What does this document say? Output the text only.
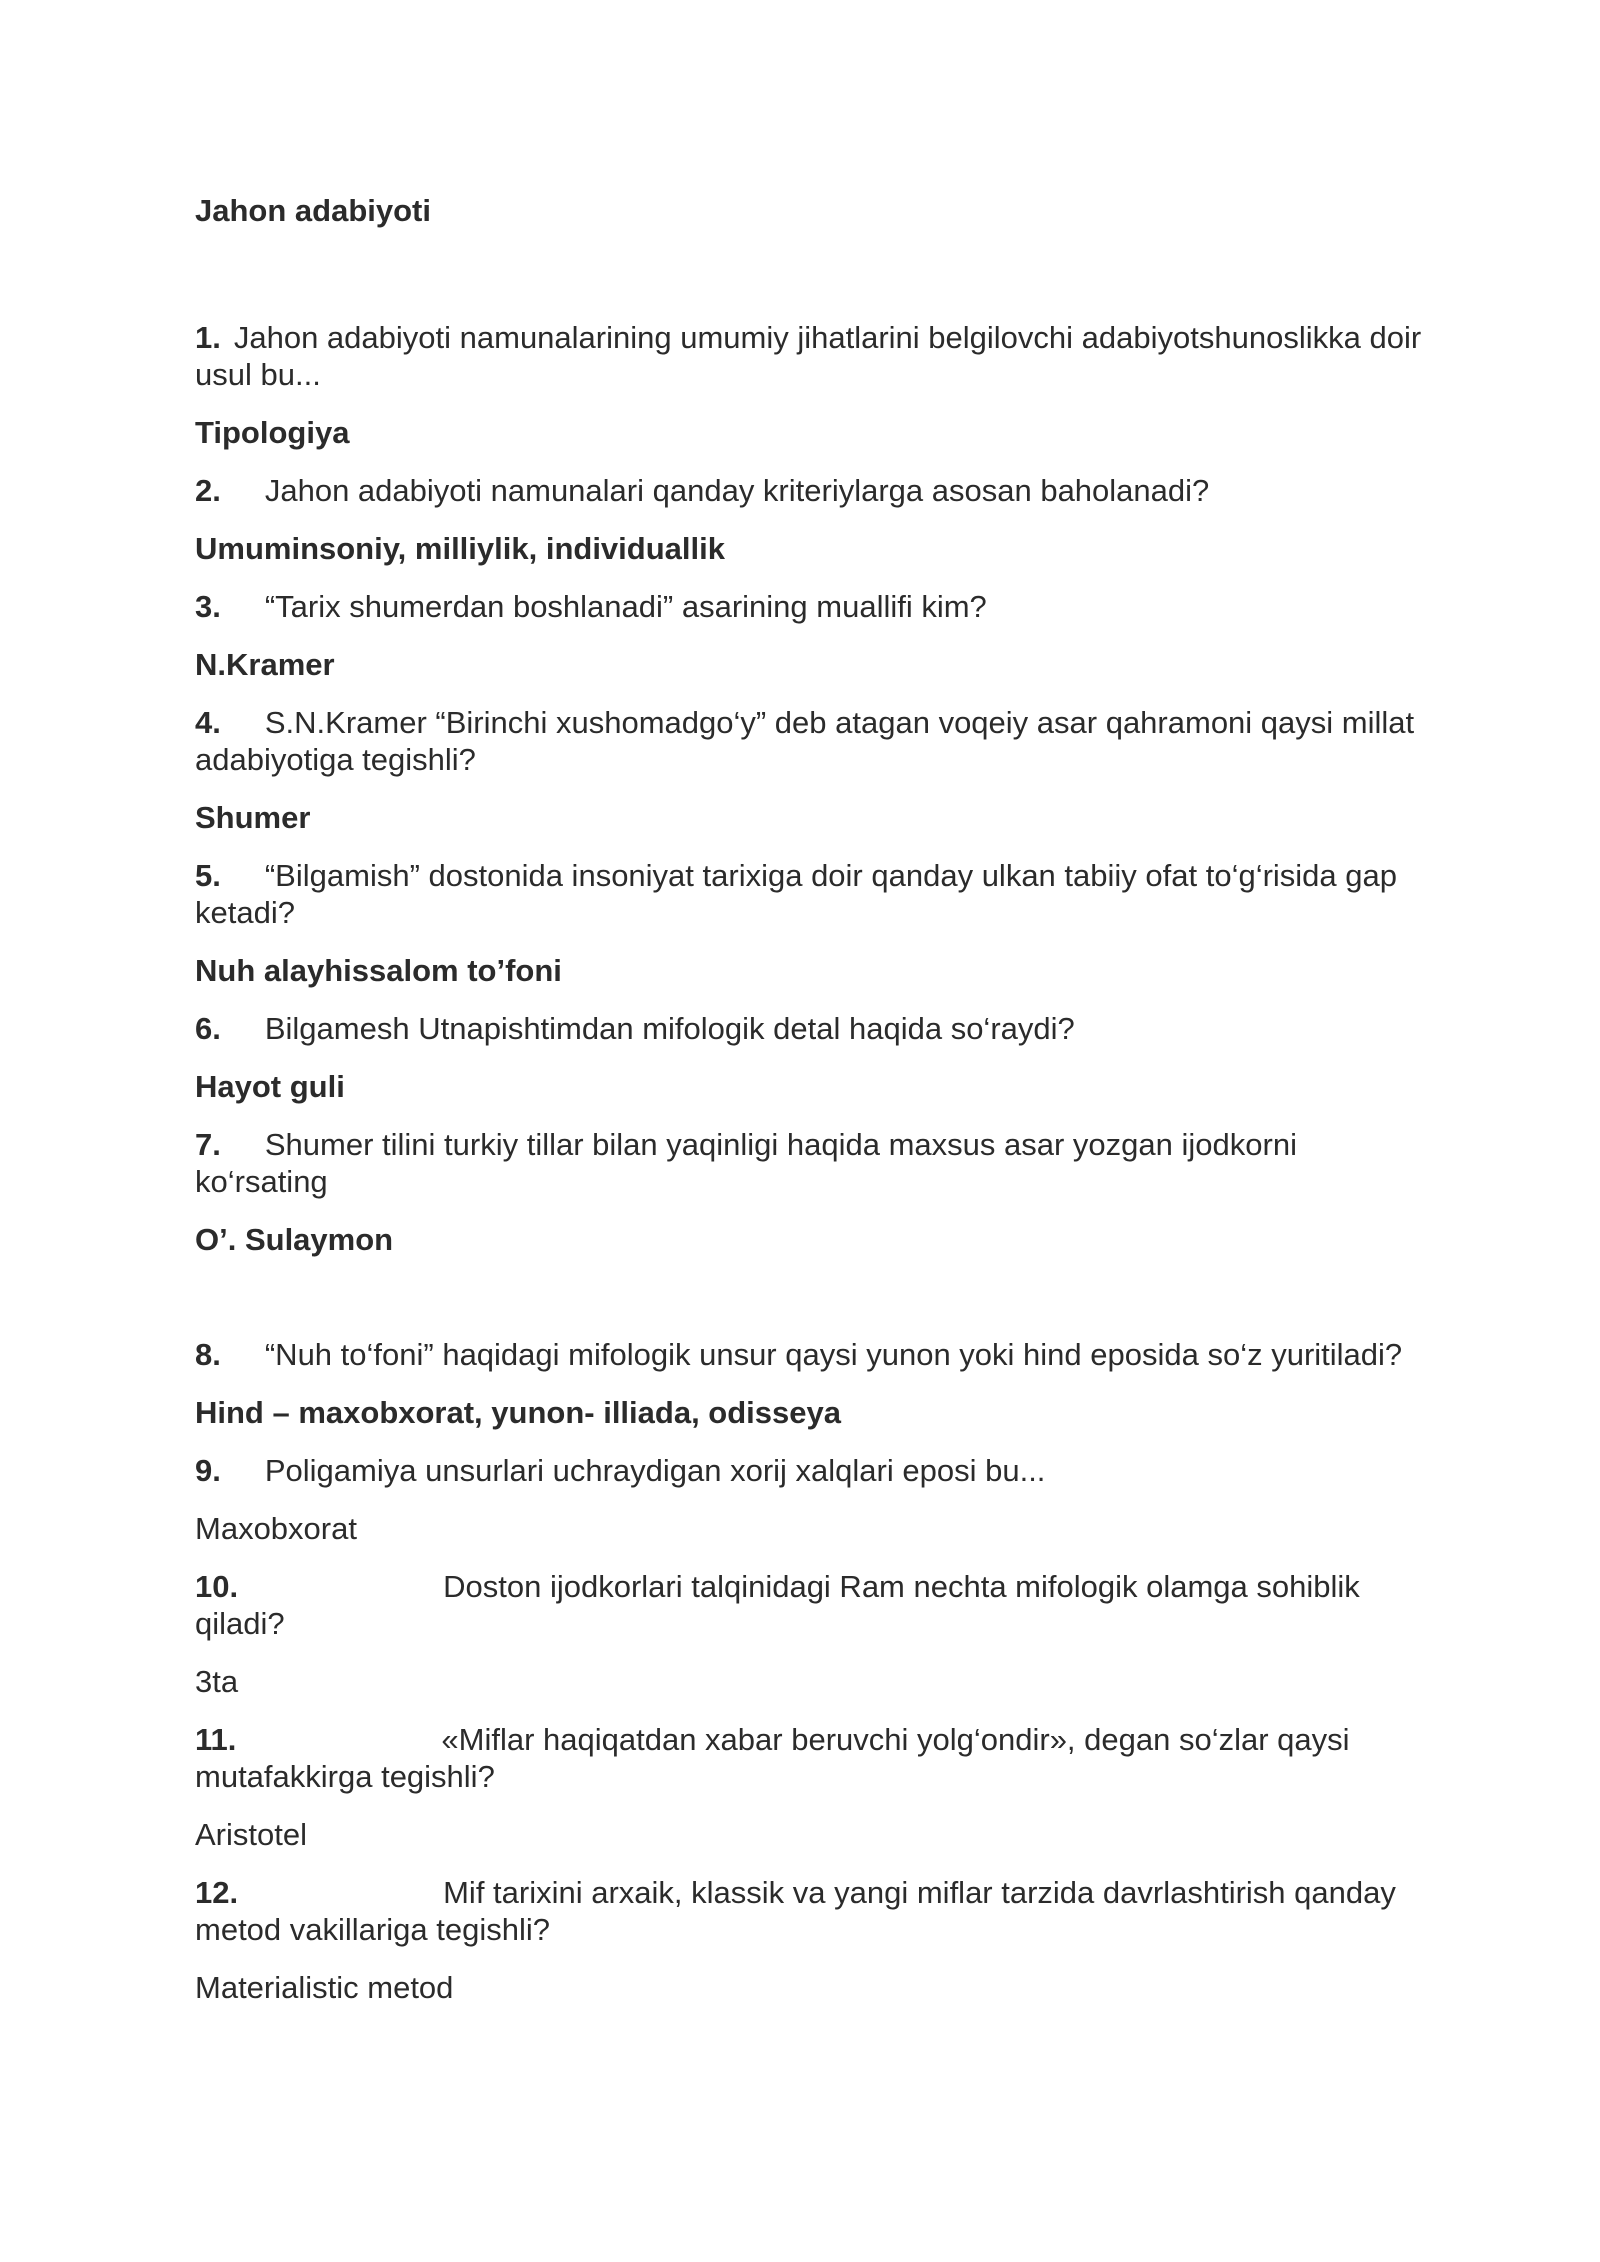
Jahon adabiyoti

1. Jahon adabiyoti namunalarining umumiy jihatlarini belgilovchi adabiyotshunoslikka doir usul bu...

Tipologiya

2. Jahon adabiyoti namunalari qanday kriteriylarga asosan baholanadi?

Umuminsoniy, milliylik, individuallik

3. “Tarix shumerdan boshlanadi” asarining muallifi kim?

N.Kramer

4. S.N.Kramer “Birinchi xushomadgo‘y” deb atagan voqeiy asar qahramoni qaysi millat adabiyotiga tegishli?

Shumer

5. “Bilgamish” dostonida insoniyat tarixiga doir qanday ulkan tabiiy ofat to‘g‘risida gap ketadi?

Nuh alayhissalom to’foni

6. Bilgamesh Utnapishtimdan mifologik detal haqida so‘raydi?

Hayot guli

7. Shumer tilini turkiy tillar bilan yaqinligi haqida maxsus asar yozgan ijodkorni ko‘rsating

O’. Sulaymon

8. “Nuh to‘foni” haqidagi mifologik unsur qaysi yunon yoki hind eposida so‘z yuritiladi?

Hind – maxobxorat, yunon- illiada, odisseya

9. Poligamiya unsurlari uchraydigan xorij xalqlari eposi bu...

Maxobxorat

10.	Doston ijodkorlari talqinidagi Ram nechta mifologik olamga sohiblik qiladi?

3ta

11.	«Miflar haqiqatdan xabar beruvchi yolg‘ondir», degan so‘zlar qaysi mutafakkirga tegishli?

Aristotel

12.	Mif tarixini arxaik, klassik va yangi miflar tarzida davrlashtirish qanday metod vakillariga tegishli?

Materialistic metod
